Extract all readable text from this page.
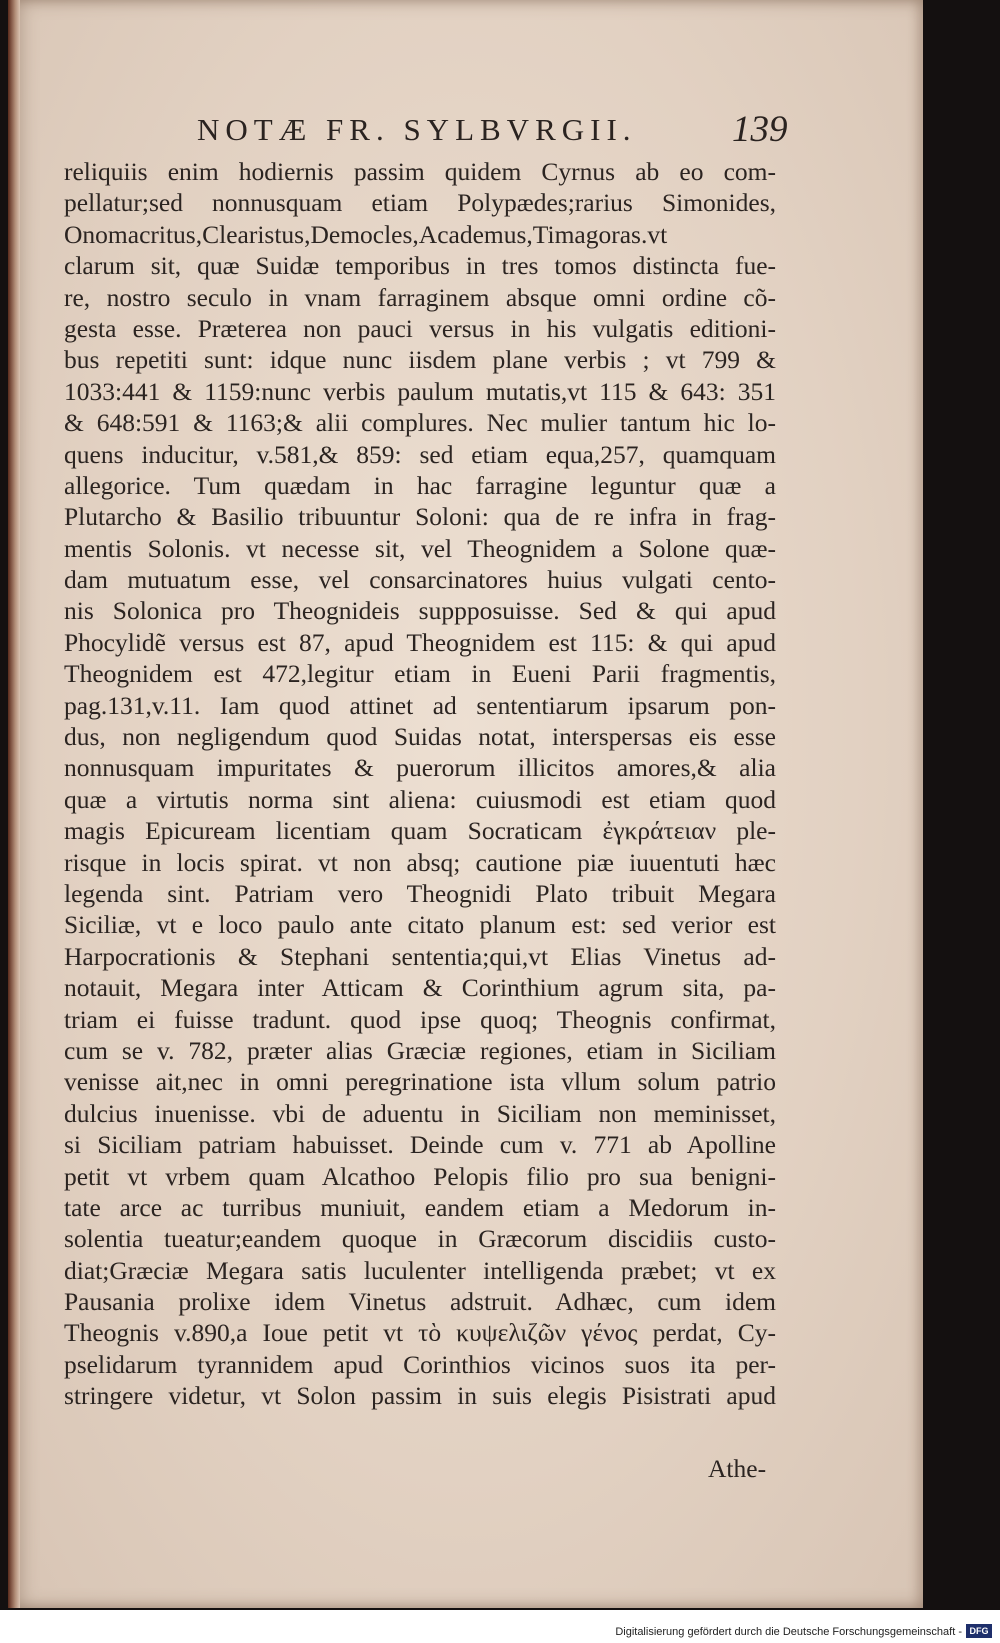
NOTÆ FR. SYLBVRGII.	139
reliquiis enim hodiernis passim quidem Cyrnus ab eo com-
pellatur;sed nonnusquam etiam Polypædes;rarius Simonides,
Onomacritus,Clearistus,Democles,Academus,Timagoras.vt
clarum sit, quæ Suidæ temporibus in tres tomos distincta fue-
re, nostro seculo in vnam farraginem absque omni ordine cõ-
gesta esse. Præterea non pauci versus in his vulgatis editioni-
bus repetiti sunt: idque nunc iisdem plane verbis ; vt 799 &
1033:441 & 1159:nunc verbis paulum mutatis,vt 115 & 643: 351
& 648:591 & 1163;& alii complures. Nec mulier tantum hic lo-
quens inducitur, v.581,& 859: sed etiam equa,257, quamquam
allegorice. Tum quædam in hac farragine leguntur quæ a
Plutarcho & Basilio tribuuntur Soloni: qua de re infra in frag-
mentis Solonis. vt necesse sit, vel Theognidem a Solone quæ-
dam mutuatum esse, vel consarcinatores huius vulgati cento-
nis Solonica pro Theognideis suppposuisse. Sed & qui apud
Phocylidẽ versus est 87, apud Theognidem est 115: & qui apud
Theognidem est 472,legitur etiam in Eueni Parii fragmentis,
pag.131,v.11. Iam quod attinet ad sententiarum ipsarum pon-
dus, non negligendum quod Suidas notat, interspersas eis esse
nonnusquam impuritates & puerorum illicitos amores,& alia
quæ a virtutis norma sint aliena: cuiusmodi est etiam quod
magis Epicuream licentiam quam Socraticam ἐγκράτειαν ple-
risque in locis spirat. vt non absq; cautione piæ iuuentuti hæc
legenda sint. Patriam vero Theognidi Plato tribuit Megara
Siciliæ, vt e loco paulo ante citato planum est: sed verior est
Harpocrationis & Stephani sententia;qui,vt Elias Vinetus ad-
notauit, Megara inter Atticam & Corinthium agrum sita, pa-
triam ei fuisse tradunt. quod ipse quoq; Theognis confirmat,
cum se v. 782, præter alias Græciæ regiones, etiam in Siciliam
venisse ait,nec in omni peregrinatione ista vllum solum patrio
dulcius inuenisse. vbi de aduentu in Siciliam non meminisset,
si Siciliam patriam habuisset. Deinde cum v. 771 ab Apolline
petit vt vrbem quam Alcathoo Pelopis filio pro sua benigni-
tate arce ac turribus muniuit, eandem etiam a Medorum in-
solentia tueatur;eandem quoque in Græcorum discidiis custo-
diat;Græciæ Megara satis luculenter intelligenda præbet; vt ex
Pausania prolixe idem Vinetus adstruit. Adhæc, cum idem
Theognis v.890,a Ioue petit vt τὸ κυψελιζῶν γένος perdat, Cy-
pselidarum tyrannidem apud Corinthios vicinos suos ita per-
stringere videtur, vt Solon passim in suis elegis Pisistrati apud
Athe-
Digitalisierung gefördert durch die Deutsche Forschungsgemeinschaft - DFG
